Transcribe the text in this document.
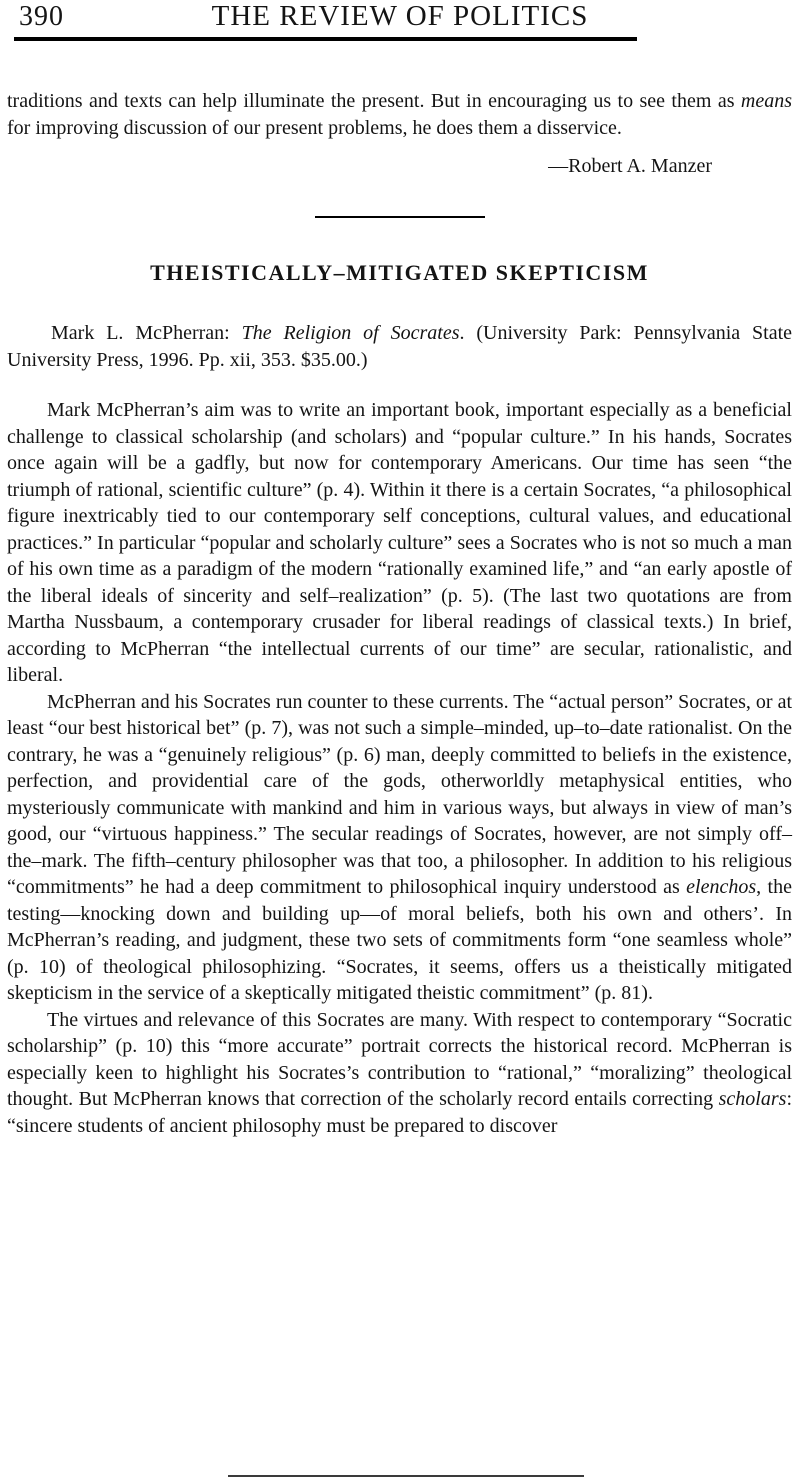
390	THE REVIEW OF POLITICS

traditions and texts can help illuminate the present. But in encouraging us to see them as means for improving discussion of our present problems, he does them a disservice.

—Robert A. Manzer

THEISTICALLY–MITIGATED SKEPTICISM

Mark L. McPherran: The Religion of Socrates. (University Park: Pennsylvania State University Press, 1996. Pp. xii, 353. $35.00.)

Mark McPherran’s aim was to write an important book, important especially as a beneficial challenge to classical scholarship (and scholars) and “popular culture.” In his hands, Socrates once again will be a gadfly, but now for contemporary Americans. Our time has seen “the triumph of rational, scientific culture” (p. 4). Within it there is a certain Socrates, “a philosophical figure inextricably tied to our contemporary self conceptions, cultural values, and educational practices.” In particular “popular and scholarly culture” sees a Socrates who is not so much a man of his own time as a paradigm of the modern “rationally examined life,” and “an early apostle of the liberal ideals of sincerity and self–realization” (p. 5). (The last two quotations are from Martha Nussbaum, a contemporary crusader for liberal readings of classical texts.) In brief, according to McPherran “the intellectual currents of our time” are secular, rationalistic, and liberal.

McPherran and his Socrates run counter to these currents. The “actual person” Socrates, or at least “our best historical bet” (p. 7), was not such a simple–minded, up–to–date rationalist. On the contrary, he was a “genuinely religious” (p. 6) man, deeply committed to beliefs in the existence, perfection, and providential care of the gods, otherworldly metaphysical entities, who mysteriously communicate with mankind and him in various ways, but always in view of man’s good, our “virtuous happiness.” The secular readings of Socrates, however, are not simply off–the–mark. The fifth–century philosopher was that too, a philosopher. In addition to his religious “commitments” he had a deep commitment to philosophical inquiry understood as elenchos, the testing—knocking down and building up—of moral beliefs, both his own and others’. In McPherran’s reading, and judgment, these two sets of commitments form “one seamless whole” (p. 10) of theological philosophizing. “Socrates, it seems, offers us a theistically mitigated skepticism in the service of a skeptically mitigated theistic commitment” (p. 81).

The virtues and relevance of this Socrates are many. With respect to contemporary “Socratic scholarship” (p. 10) this “more accurate” portrait corrects the historical record. McPherran is especially keen to highlight his Socrates’s contribution to “rational,” “moralizing” theological thought. But McPherran knows that correction of the scholarly record entails correcting scholars: “sincere students of ancient philosophy must be prepared to discover
